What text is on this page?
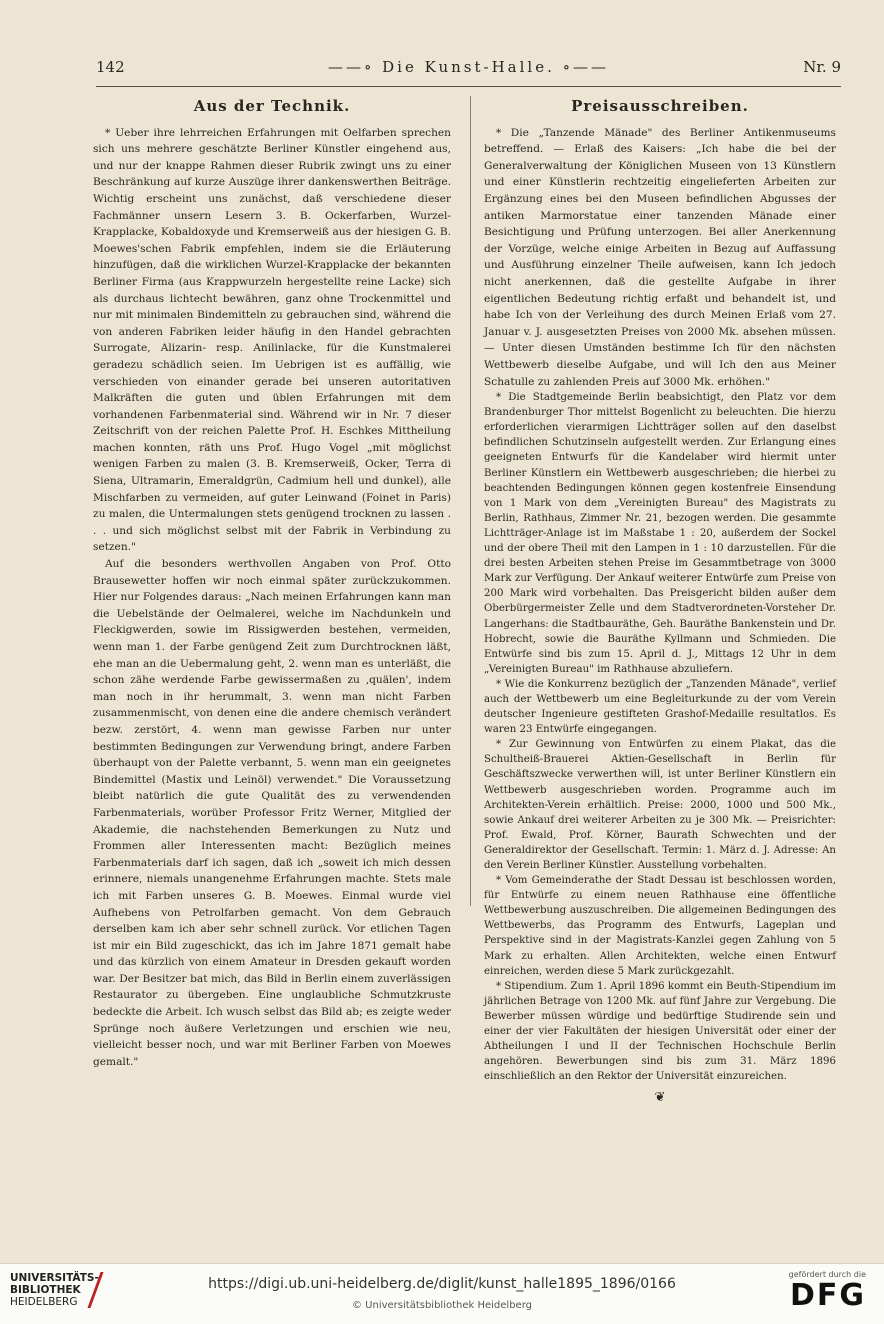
142	——∘ Die Kunst-Halle. ∘——	Nr. 9
Aus der Technik.

* Ueber ihre lehrreichen Erfahrungen mit Oelfarben sprechen sich uns mehrere geschätzte Berliner Künstler eingehend aus, und nur der knappe Rahmen dieser Rubrik zwingt uns zu einer Beschränkung auf kurze Auszüge ihrer dankenswerthen Beiträge. Wichtig erscheint uns zunächst, daß verschiedene dieser Fachmänner unsern Lesern 3. B. Ockerfarben, Wurzel-Krapplacke, Kobaldoxyde und Kremserweiß aus der hiesigen G. B. Moewes'schen Fabrik empfehlen, indem sie die Erläuterung hinzufügen, daß die wirklichen Wurzel-Krapplacke der bekannten Berliner Firma (aus Krappwurzeln hergestellte reine Lacke) sich als durchaus lichtecht bewähren, ganz ohne Trockenmittel und nur mit minimalen Bindemitteln zu gebrauchen sind, während die von anderen Fabriken leider häufig in den Handel gebrachten Surrogate, Alizarin- resp. Anilinlacke, für die Kunstmalerei geradezu schädlich seien. Im Uebrigen ist es auffällig, wie verschieden von einander gerade bei unseren autoritativen Malkräften die guten und üblen Erfahrungen mit dem vorhandenen Farbenmaterial sind. Während wir in Nr. 7 dieser Zeitschrift von der reichen Palette Prof. H. Eschkes Mittheilung machen konnten, räth uns Prof. Hugo Vogel „mit möglichst wenigen Farben zu malen (3. B. Kremserweiß, Ocker, Terra di Siena, Ultramarin, Emeraldgrün, Cadmium hell und dunkel), alle Mischfarben zu vermeiden, auf guter Leinwand (Foinet in Paris) zu malen, die Untermalungen stets genügend trocknen zu lassen . . . und sich möglichst selbst mit der Fabrik in Verbindung zu setzen."

Auf die besonders werthvollen Angaben von Prof. Otto Brausewetter hoffen wir noch einmal später zurückzukommen. Hier nur Folgendes daraus: „Nach meinen Erfahrungen kann man die Uebelstände der Oelmalerei, welche im Nachdunkeln und Fleckigwerden, sowie im Rissigwerden bestehen, vermeiden, wenn man 1. der Farbe genügend Zeit zum Durchtrocknen läßt, ehe man an die Uebermalung geht, 2. wenn man es unterläßt, die schon zähe werdende Farbe gewissermaßen zu ‚quälen', indem man noch in ihr herummalt, 3. wenn man nicht Farben zusammenmischt, von denen eine die andere chemisch verändert bezw. zerstört, 4. wenn man gewisse Farben nur unter bestimmten Bedingungen zur Verwendung bringt, andere Farben überhaupt von der Palette verbannt, 5. wenn man ein geeignetes Bindemittel (Mastix und Leinöl) verwendet." Die Voraussetzung bleibt natürlich die gute Qualität des zu verwendenden Farbenmaterials, worüber Professor Fritz Werner, Mitglied der Akademie, die nachstehenden Bemerkungen zu Nutz und Frommen aller Interessenten macht: Bezüglich meines Farbenmaterials darf ich sagen, daß ich „soweit ich mich dessen erinnere, niemals unangenehme Erfahrungen machte. Stets male ich mit Farben unseres G. B. Moewes. Einmal wurde viel Aufhebens von Petrolfarben gemacht. Von dem Gebrauch derselben kam ich aber sehr schnell zurück. Vor etlichen Tagen ist mir ein Bild zugeschickt, das ich im Jahre 1871 gemalt habe und das kürzlich von einem Amateur in Dresden gekauft worden war. Der Besitzer bat mich, das Bild in Berlin einem zuverlässigen Restaurator zu übergeben. Eine unglaubliche Schmutzkruste bedeckte die Arbeit. Ich wusch selbst das Bild ab; es zeigte weder Sprünge noch äußere Verletzungen und erschien wie neu, vielleicht besser noch, und war mit Berliner Farben von Moewes gemalt."

Preisausschreiben.

* Die „Tanzende Mänade" des Berliner Antikenmuseums betreffend. — Erlaß des Kaisers: „Ich habe die bei der Generalverwaltung der Königlichen Museen von 13 Künstlern und einer Künstlerin rechtzeitig eingelieferten Arbeiten zur Ergänzung eines bei den Museen befindlichen Abgusses der antiken Marmorstatue einer tanzenden Mänade einer Besichtigung und Prüfung unterzogen. Bei aller Anerkennung der Vorzüge, welche einige Arbeiten in Bezug auf Auffassung und Ausführung einzelner Theile aufweisen, kann Ich jedoch nicht anerkennen, daß die gestellte Aufgabe in ihrer eigentlichen Bedeutung richtig erfaßt und behandelt ist, und habe Ich von der Verleihung des durch Meinen Erlaß vom 27. Januar v. J. ausgesetzten Preises von 2000 Mk. absehen müssen. — Unter diesen Umständen bestimme Ich für den nächsten Wettbewerb dieselbe Aufgabe, und will Ich den aus Meiner Schatulle zu zahlenden Preis auf 3000 Mk. erhöhen."

* Die Stadtgemeinde Berlin beabsichtigt, den Platz vor dem Brandenburger Thor mittelst Bogenlicht zu beleuchten. Die hierzu erforderlichen vierarmigen Lichtträger sollen auf den daselbst befindlichen Schutzinseln aufgestellt werden. Zur Erlangung eines geeigneten Entwurfs für die Kandelaber wird hiermit unter Berliner Künstlern ein Wettbewerb ausgeschrieben; die hierbei zu beachtenden Bedingungen können gegen kostenfreie Einsendung von 1 Mark von dem „Vereinigten Bureau" des Magistrats zu Berlin, Rathhaus, Zimmer Nr. 21, bezogen werden. Die gesammte Lichtträger-Anlage ist im Maßstabe 1 : 20, außerdem der Sockel und der obere Theil mit den Lampen in 1 : 10 darzustellen. Für die drei besten Arbeiten stehen Preise im Gesammtbetrage von 3000 Mark zur Verfügung. Der Ankauf weiterer Entwürfe zum Preise von 200 Mark wird vorbehalten. Das Preisgericht bilden außer dem Oberbürgermeister Zelle und dem Stadtverordneten-Vorsteher Dr. Langerhans: die Stadtbauräthe, Geh. Bauräthe Bankenstein und Dr. Hobrecht, sowie die Bauräthe Kyllmann und Schmieden. Die Entwürfe sind bis zum 15. April d. J., Mittags 12 Uhr in dem „Vereinigten Bureau" im Rathhause abzuliefern.

* Wie die Konkurrenz bezüglich der „Tanzenden Mänade", verlief auch der Wettbewerb um eine Begleiturkunde zu der vom Verein deutscher Ingenieure gestifteten Grashof-Medaille resultatlos. Es waren 23 Entwürfe eingegangen.

* Zur Gewinnung von Entwürfen zu einem Plakat, das die Schultheiß-Brauerei Aktien-Gesellschaft in Berlin für Geschäftszwecke verwerthen will, ist unter Berliner Künstlern ein Wettbewerb ausgeschrieben worden. Programme auch im Architekten-Verein erhältlich. Preise: 2000, 1000 und 500 Mk., sowie Ankauf drei weiterer Arbeiten zu je 300 Mk. — Preisrichter: Prof. Ewald, Prof. Körner, Baurath Schwechten und der Generaldirektor der Gesellschaft. Termin: 1. März d. J. Adresse: An den Verein Berliner Künstler. Ausstellung vorbehalten.

* Vom Gemeinderathe der Stadt Dessau ist beschlossen worden, für Entwürfe zu einem neuen Rathhause eine öffentliche Wettbewerbung auszuschreiben. Die allgemeinen Bedingungen des Wettbewerbs, das Programm des Entwurfs, Lageplan und Perspektive sind in der Magistrats-Kanzlei gegen Zahlung von 5 Mark zu erhalten. Allen Architekten, welche einen Entwurf einreichen, werden diese 5 Mark zurückgezahlt.

* Stipendium. Zum 1. April 1896 kommt ein Beuth-Stipendium im jährlichen Betrage von 1200 Mk. auf fünf Jahre zur Vergebung. Die Bewerber müssen würdige und bedürftige Studirende sein und einer der vier Fakultäten der hiesigen Universität oder einer der Abtheilungen I und II der Technischen Hochschule Berlin angehören. Bewerbungen sind bis zum 31. März 1896 einschließlich an den Rektor der Universität einzureichen.

❦
UNIVERSITÄTS-
BIBLIOTHEK
HEIDELBERG
https://digi.ub.uni-heidelberg.de/diglit/kunst_halle1895_1896/0166
© Universitätsbibliothek Heidelberg
gefördert durch die
DFG
